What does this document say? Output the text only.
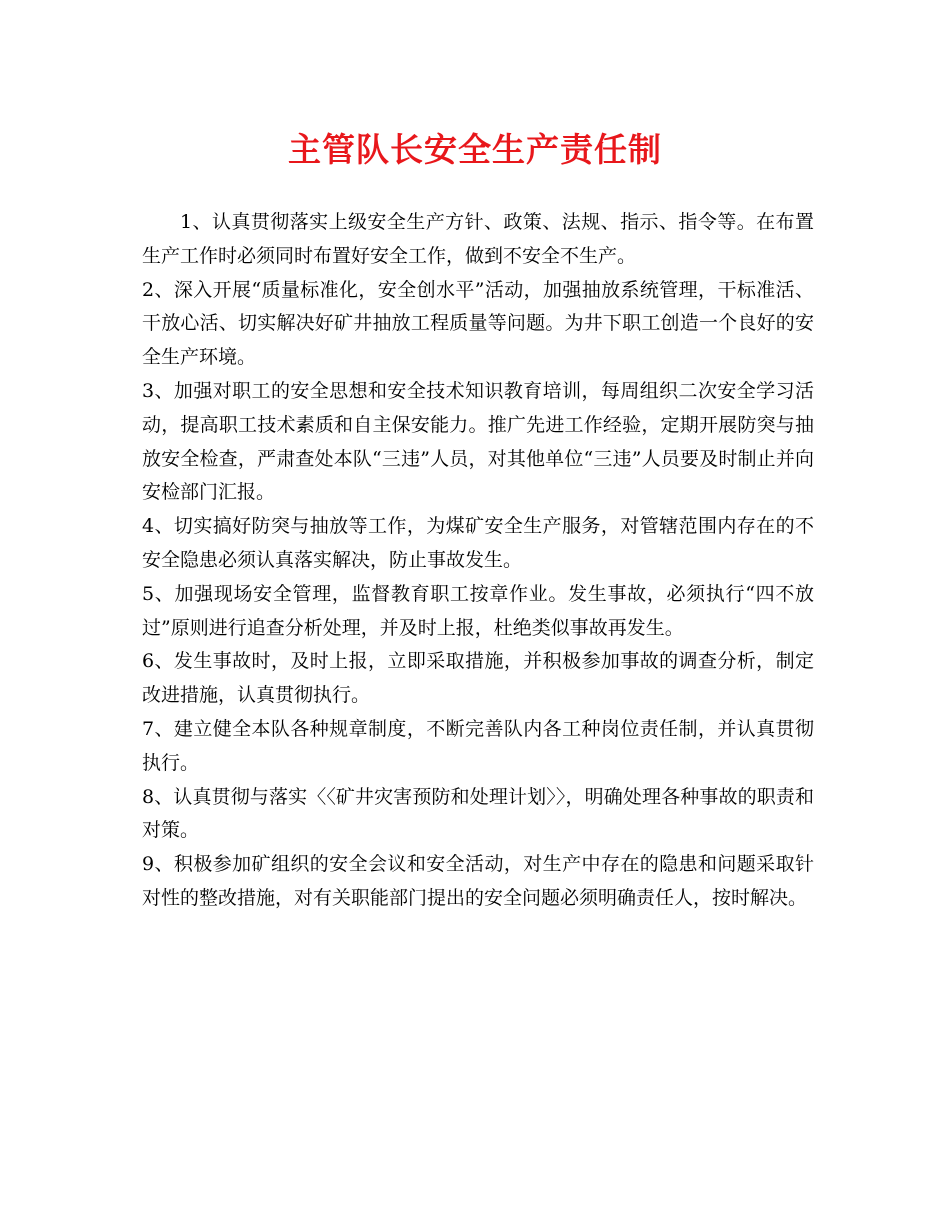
主管队长安全生产责任制

1、认真贯彻落实上级安全生产方针、政策、法规、指示、指令等。在布置生产工作时必须同时布置好安全工作，做到不安全不生产。

2、深入开展“质量标准化，安全创水平”活动，加强抽放系统管理，干标准活、干放心活、切实解决好矿井抽放工程质量等问题。为井下职工创造一个良好的安全生产环境。

3、加强对职工的安全思想和安全技术知识教育培训，每周组织二次安全学习活动，提高职工技术素质和自主保安能力。推广先进工作经验，定期开展防突与抽放安全检查，严肃查处本队“三违”人员，对其他单位“三违”人员要及时制止并向安检部门汇报。

4、切实搞好防突与抽放等工作，为煤矿安全生产服务，对管辖范围内存在的不安全隐患必须认真落实解决，防止事故发生。

5、加强现场安全管理，监督教育职工按章作业。发生事故，必须执行“四不放过”原则进行追查分析处理，并及时上报，杜绝类似事故再发生。

6、发生事故时，及时上报，立即采取措施，并积极参加事故的调查分析，制定改进措施，认真贯彻执行。

7、建立健全本队各种规章制度，不断完善队内各工种岗位责任制，并认真贯彻执行。

8、认真贯彻与落实〈〈矿井灾害预防和处理计划〉〉，明确处理各种事故的职责和对策。

9、积极参加矿组织的安全会议和安全活动，对生产中存在的隐患和问题采取针对性的整改措施，对有关职能部门提出的安全问题必须明确责任人，按时解决。
